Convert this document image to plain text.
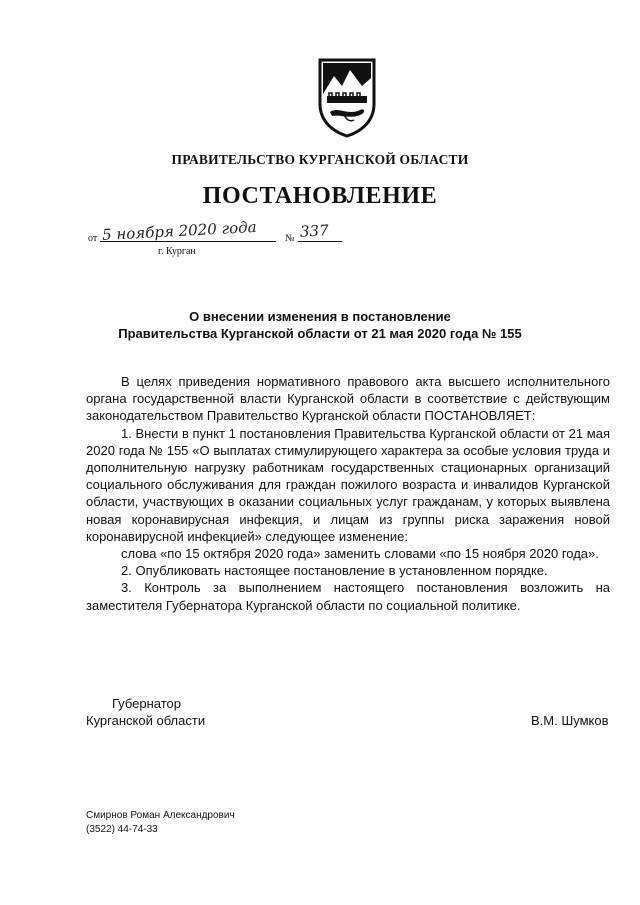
ПРАВИТЕЛЬСТВО КУРГАНСКОЙ ОБЛАСТИ
ПОСТАНОВЛЕНИЕ
от 5 ноября 2020 года	№ 337
г. Курган
О внесении изменения в постановление
Правительства Курганской области от 21 мая 2020 года № 155

В целях приведения нормативного правового акта высшего исполнительного органа государственной власти Курганской области в соответствие с действующим законодательством Правительство Курганской области ПОСТАНОВЛЯЕТ:

1. Внести в пункт 1 постановления Правительства Курганской области от 21 мая 2020 года № 155 «О выплатах стимулирующего характера за особые условия труда и дополнительную нагрузку работникам государственных стационарных организаций социального обслуживания для граждан пожилого возраста и инвалидов Курганской области, участвующих в оказании социальных услуг гражданам, у которых выявлена новая коронавирусная инфекция, и лицам из группы риска заражения новой коронавирусной инфекцией» следующее изменение:

слова «по 15 октября 2020 года» заменить словами «по 15 ноября 2020 года».

2. Опубликовать настоящее постановление в установленном порядке.

3. Контроль за выполнением настоящего постановления возложить на заместителя Губернатора Курганской области по социальной политике.

Губернатор
Курганской области	В.М. Шумков
Смирнов Роман Александрович
(3522) 44-74-33
